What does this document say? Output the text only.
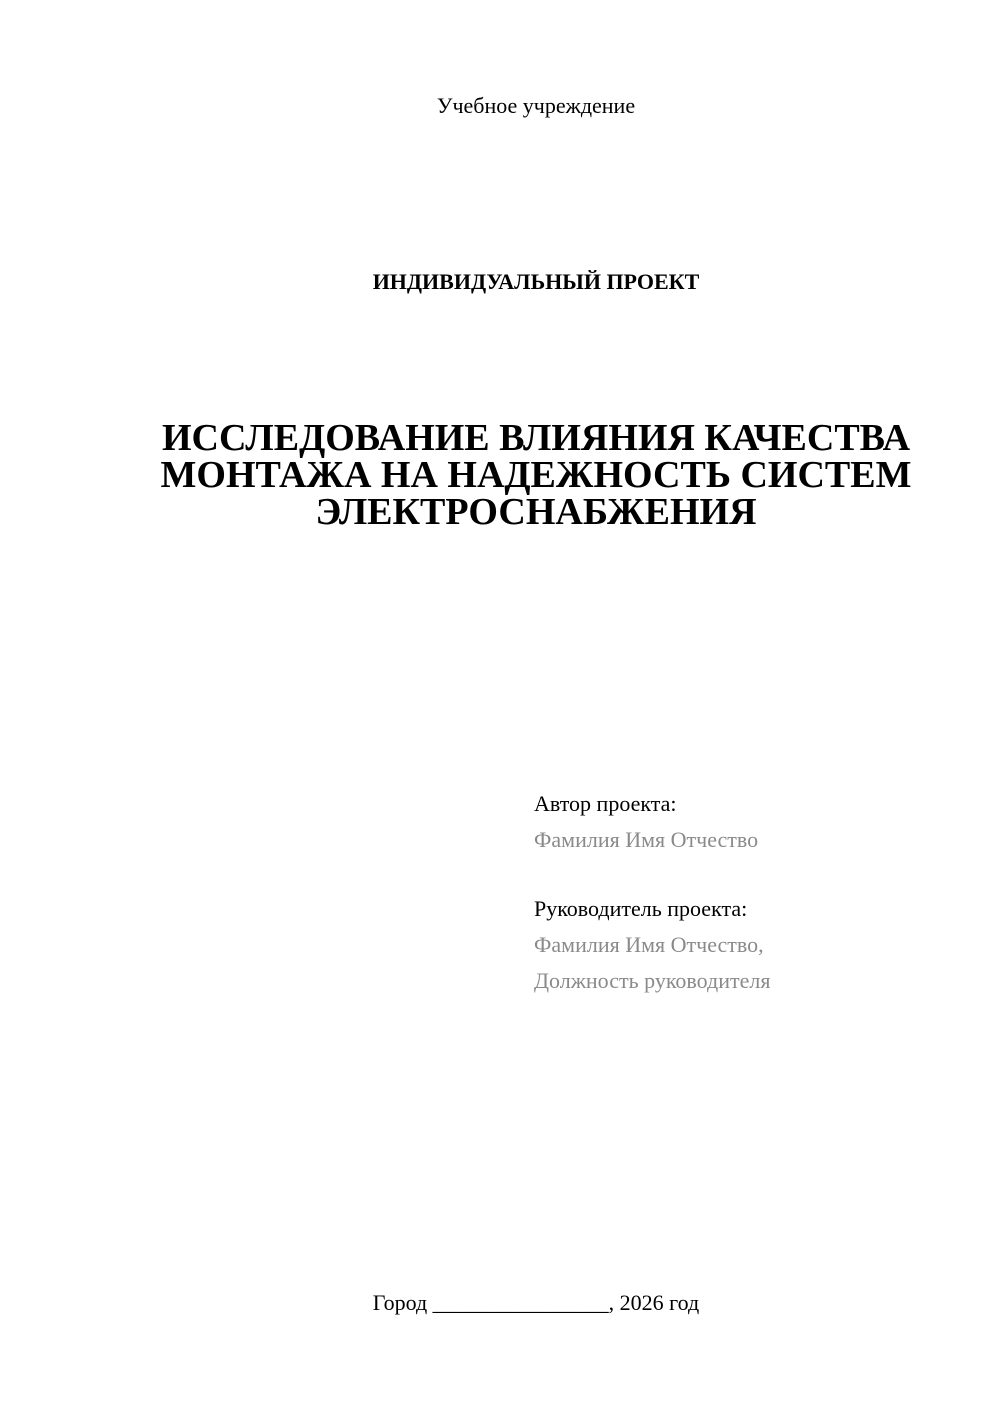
Учебное учреждение

ИНДИВИДУАЛЬНЫЙ ПРОЕКТ

ИССЛЕДОВАНИЕ ВЛИЯНИЯ КАЧЕСТВА
МОНТАЖА НА НАДЕЖНОСТЬ СИСТЕМ
ЭЛЕКТРОСНАБЖЕНИЯ
Автор проекта:
Фамилия Имя Отчество
Руководитель проекта:
Фамилия Имя Отчество,
Должность руководителя

Город ________________, 2026 год
